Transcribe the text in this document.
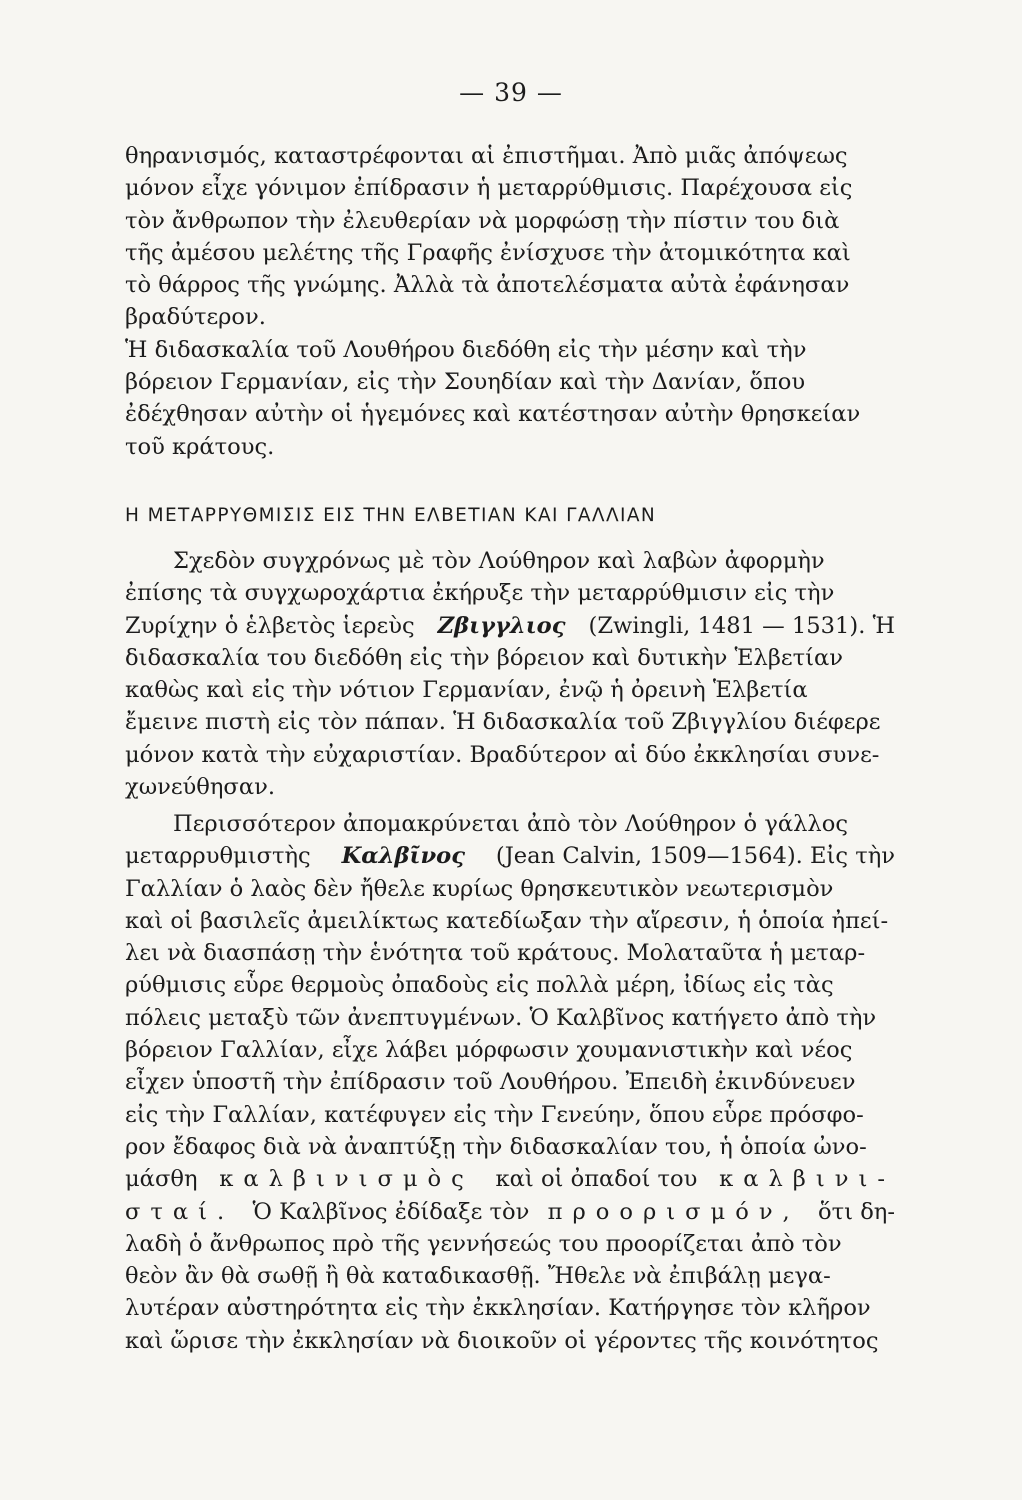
— 39 —
θηρανισμός, καταστρέφονται αἱ ἐπιστῆμαι. Ἀπὸ μιᾶς ἀπόψεως
μόνον εἶχε γόνιμον ἐπίδρασιν ἡ μεταρρύθμισις. Παρέχουσα εἰς
τὸν ἄνθρωπον τὴν ἐλευθερίαν νὰ μορφώσῃ τὴν πίστιν του διὰ
τῆς ἀμέσου μελέτης τῆς Γραφῆς ἐνίσχυσε τὴν ἀτομικότητα καὶ
τὸ θάρρος τῆς γνώμης. Ἀλλὰ τὰ ἀποτελέσματα αὐτὰ ἐφάνησαν
βραδύτερον.
Ἡ διδασκαλία τοῦ Λουθήρου διεδόθη εἰς τὴν μέσην καὶ τὴν
βόρειον Γερμανίαν, εἰς τὴν Σουηδίαν καὶ τὴν Δανίαν, ὅπου
ἐδέχθησαν αὐτὴν οἱ ἡγεμόνες καὶ κατέστησαν αὐτὴν θρησκείαν
τοῦ κράτους.
Η ΜΕΤΑΡΡΥΘΜΙΣΙΣ ΕΙΣ ΤΗΝ ΕΛΒΕΤΙΑΝ ΚΑΙ ΓΑΛΛΙΑΝ
Σχεδὸν συγχρόνως μὲ τὸν Λούθηρον καὶ λαβὼν ἀφορμὴν
ἐπίσης τὰ συγχωροχάρτια ἐκήρυξε τὴν μεταρρύθμισιν εἰς τὴν
Ζυρίχην ὁ ἑλβετὸς ἱερεὺς Ζβιγγλιος (Zwingli, 1481 — 1531). Ἡ
διδασκαλία του διεδόθη εἰς τὴν βόρειον καὶ δυτικὴν Ἑλβετίαν
καθὼς καὶ εἰς τὴν νότιον Γερμανίαν, ἐνῷ ἡ ὀρεινὴ Ἑλβετία
ἔμεινε πιστὴ εἰς τὸν πάπαν. Ἡ διδασκαλία τοῦ Ζβιγγλίου διέφερε
μόνον κατὰ τὴν εὐχαριστίαν. Βραδύτερον αἱ δύο ἐκκλησίαι συνε-
χωνεύθησαν.
Περισσότερον ἀπομακρύνεται ἀπὸ τὸν Λούθηρον ὁ γάλλος
μεταρρυθμιστὴς Καλβῖνος (Jean Calvin, 1509—1564). Εἰς τὴν
Γαλλίαν ὁ λαὸς δὲν ἤθελε κυρίως θρησκευτικὸν νεωτερισμὸν
καὶ οἱ βασιλεῖς ἀμειλίκτως κατεδίωξαν τὴν αἵρεσιν, ἡ ὁποία ἠπεί-
λει νὰ διασπάσῃ τὴν ἑνότητα τοῦ κράτους. Μολαταῦτα ἡ μεταρ-
ρύθμισις εὗρε θερμοὺς ὀπαδοὺς εἰς πολλὰ μέρη, ἰδίως εἰς τὰς
πόλεις μεταξὺ τῶν ἀνεπτυγμένων. Ὁ Καλβῖνος κατήγετο ἀπὸ τὴν
βόρειον Γαλλίαν, εἶχε λάβει μόρφωσιν χουμανιστικὴν καὶ νέος
εἶχεν ὑποστῆ τὴν ἐπίδρασιν τοῦ Λουθήρου. Ἐπειδὴ ἐκινδύνευεν
εἰς τὴν Γαλλίαν, κατέφυγεν εἰς τὴν Γενεύην, ὅπου εὗρε πρόσφο-
ρον ἔδαφος διὰ νὰ ἀναπτύξῃ τὴν διδασκαλίαν του, ἡ ὁποία ὠνο-
μάσθη καλβινισμὸς καὶ οἱ ὀπαδοί του καλβινι-
σταί. Ὁ Καλβῖνος ἐδίδαξε τὸν προορισμόν, ὅτι δη-
λαδὴ ὁ ἄνθρωπος πρὸ τῆς γεννήσεώς του προορίζεται ἀπὸ τὸν
θεὸν ἂν θὰ σωθῇ ἢ θὰ καταδικασθῇ. Ἤθελε νὰ ἐπιβάλῃ μεγα-
λυτέραν αὐστηρότητα εἰς τὴν ἐκκλησίαν. Κατήργησε τὸν κλῆρον
καὶ ὥρισε τὴν ἐκκλησίαν νὰ διοικοῦν οἱ γέροντες τῆς κοινότητος
